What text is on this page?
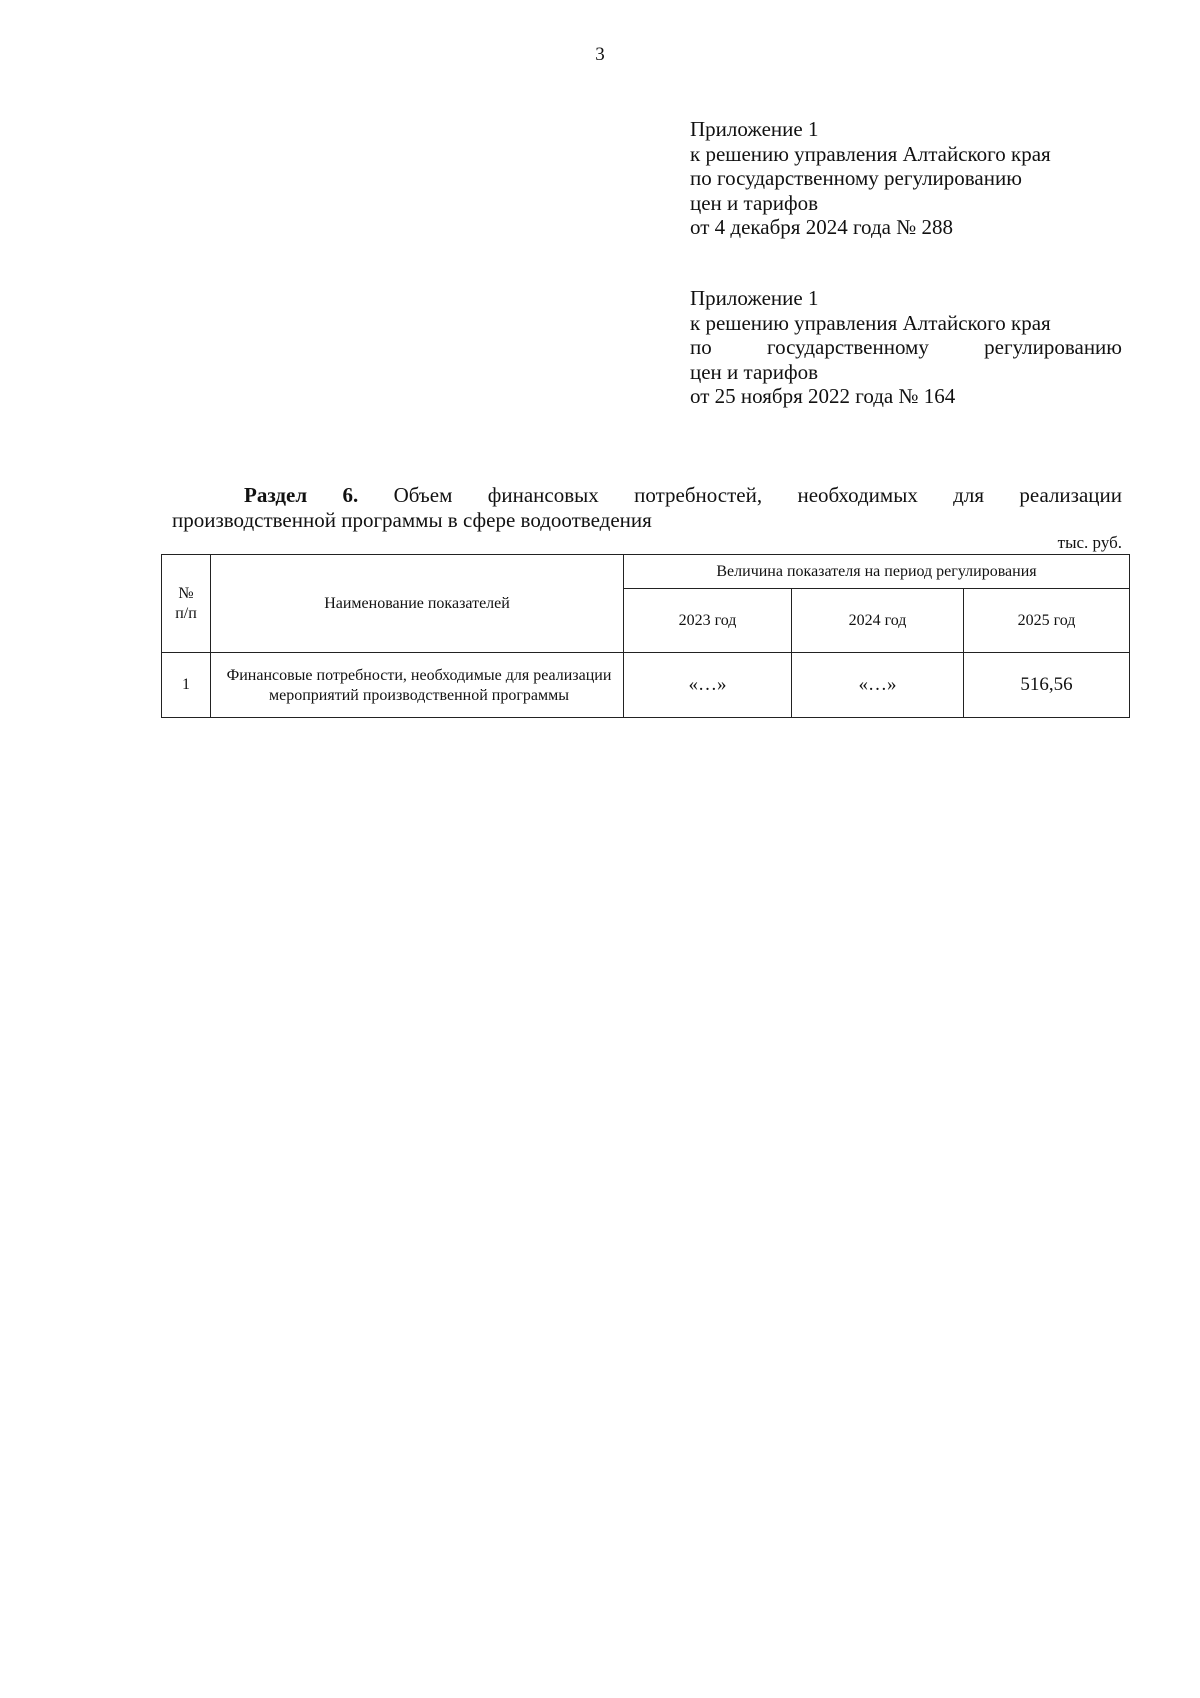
3
Приложение 1
к решению управления Алтайского края
по государственному регулированию
цен и тарифов
от 4 декабря 2024 года № 288
Приложение 1
к решению управления Алтайского края
по государственному регулированию
цен и тарифов
от 25 ноября 2022 года № 164
Раздел 6. Объем финансовых потребностей, необходимых для реализации
производственной программы в сфере водоотведения
тыс. руб.
№
п/п	Наименование показателей	Величина показателя на период регулирования		
		2023 год	2024 год	2025 год
1	Финансовые потребности, необходимые для реализации мероприятий производственной программы	«…»	«…»	516,56
